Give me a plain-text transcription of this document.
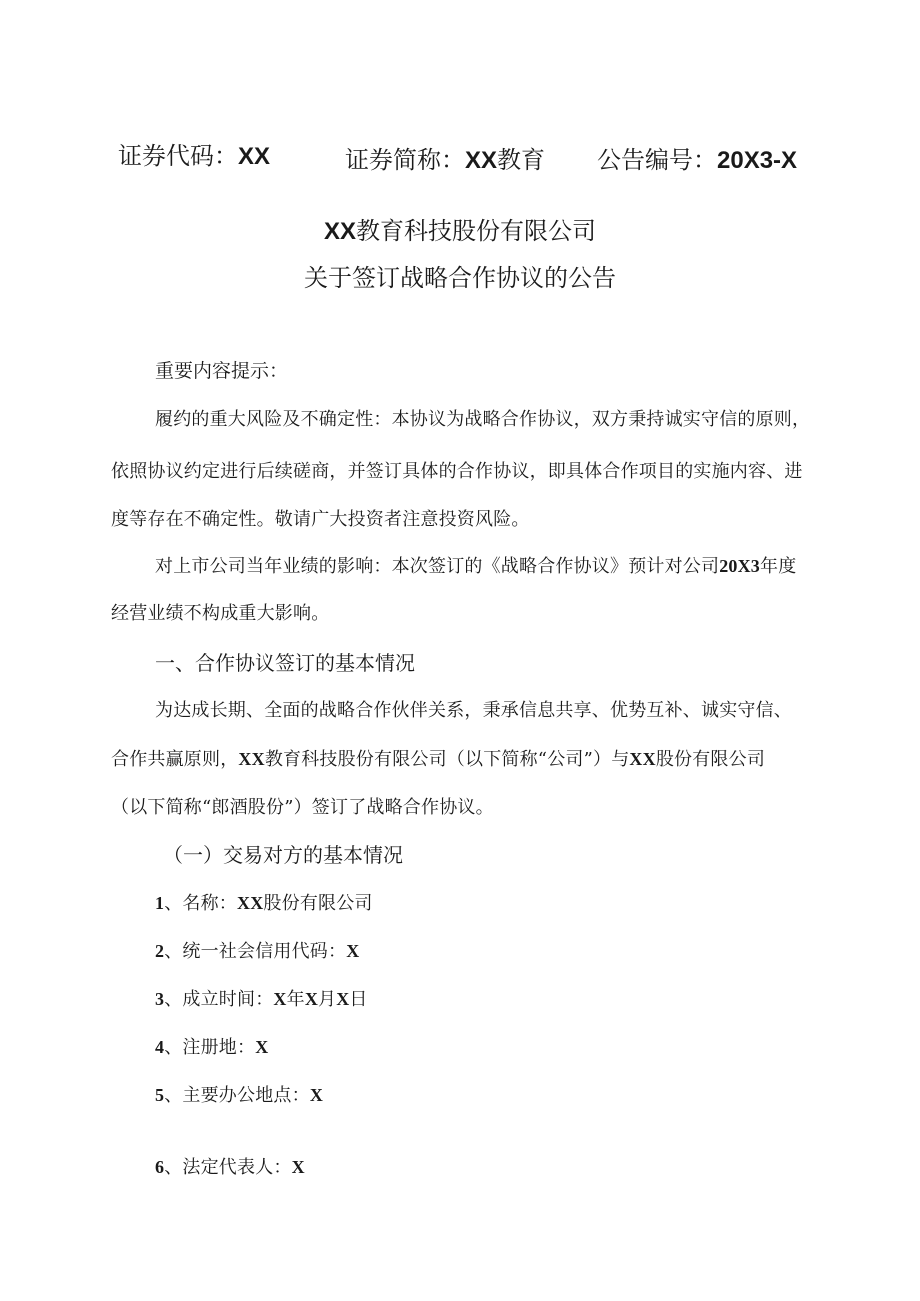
证券代码：XX	证券简称：XX教育 公告编号：20X3-X
XX教育科技股份有限公司
关于签订战略合作协议的公告
重要内容提示：
履约的重大风险及不确定性：本协议为战略合作协议，双方秉持诚实守信的原则，
依照协议约定进行后续磋商，并签订具体的合作协议，即具体合作项目的实施内容、进
度等存在不确定性。敬请广大投资者注意投资风险。
对上市公司当年业绩的影响：本次签订的《战略合作协议》预计对公司20X3年度
经营业绩不构成重大影响。
一、合作协议签订的基本情况
为达成长期、全面的战略合作伙伴关系，秉承信息共享、优势互补、诚实守信、
合作共赢原则，XX教育科技股份有限公司（以下简称“公司”）与XX股份有限公司
（以下简称“郎酒股份”）签订了战略合作协议。
（一）交易对方的基本情况
1、名称：XX股份有限公司
2、统一社会信用代码：X
3、成立时间：X年X月X日
4、注册地：X
5、主要办公地点：X
6、法定代表人：X
